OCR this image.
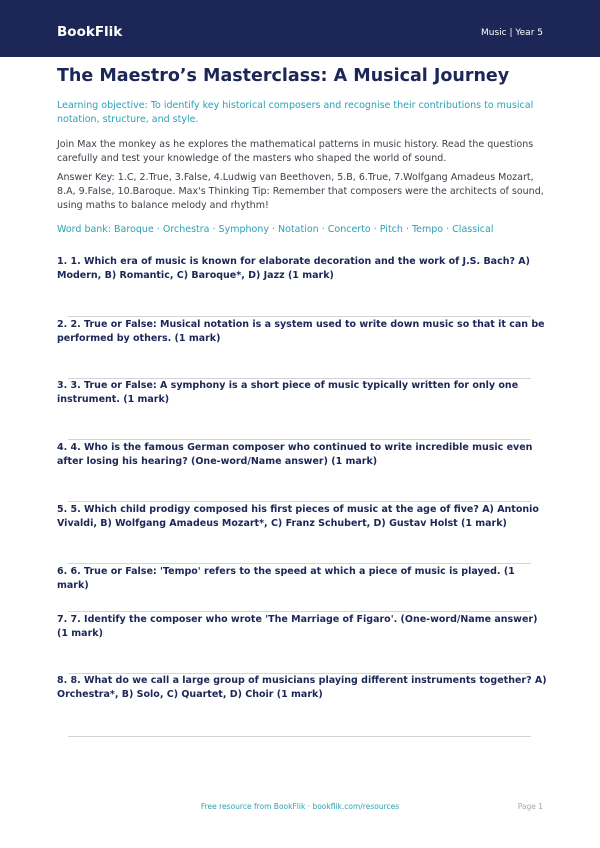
BookFlik	Music | Year 5
The Maestro’s Masterclass: A Musical Journey

Learning objective: To identify key historical composers and recognise their contributions to musical notation, structure, and style.

Join Max the monkey as he explores the mathematical patterns in music history. Read the questions carefully and test your knowledge of the masters who shaped the world of sound.

Answer Key: 1.C, 2.True, 3.False, 4.Ludwig van Beethoven, 5.B, 6.True, 7.Wolfgang Amadeus Mozart, 8.A, 9.False, 10.Baroque. Max's Thinking Tip: Remember that composers were the architects of sound, using maths to balance melody and rhythm!

Word bank: Baroque · Orchestra · Symphony · Notation · Concerto · Pitch · Tempo · Classical

1. 1. Which era of music is known for elaborate decoration and the work of J.S. Bach? A) Modern, B) Romantic, C) Baroque*, D) Jazz (1 mark)

2. 2. True or False: Musical notation is a system used to write down music so that it can be performed by others. (1 mark)

3. 3. True or False: A symphony is a short piece of music typically written for only one instrument. (1 mark)

4. 4. Who is the famous German composer who continued to write incredible music even after losing his hearing? (One-word/Name answer) (1 mark)

5. 5. Which child prodigy composed his first pieces of music at the age of five? A) Antonio Vivaldi, B) Wolfgang Amadeus Mozart*, C) Franz Schubert, D) Gustav Holst (1 mark)

6. 6. True or False: 'Tempo' refers to the speed at which a piece of music is played. (1 mark)

7. 7. Identify the composer who wrote 'The Marriage of Figaro'. (One-word/Name answer) (1 mark)

8. 8. What do we call a large group of musicians playing different instruments together? A) Orchestra*, B) Solo, C) Quartet, D) Choir (1 mark)

Free resource from BookFlik · bookflik.com/resources	Page 1
